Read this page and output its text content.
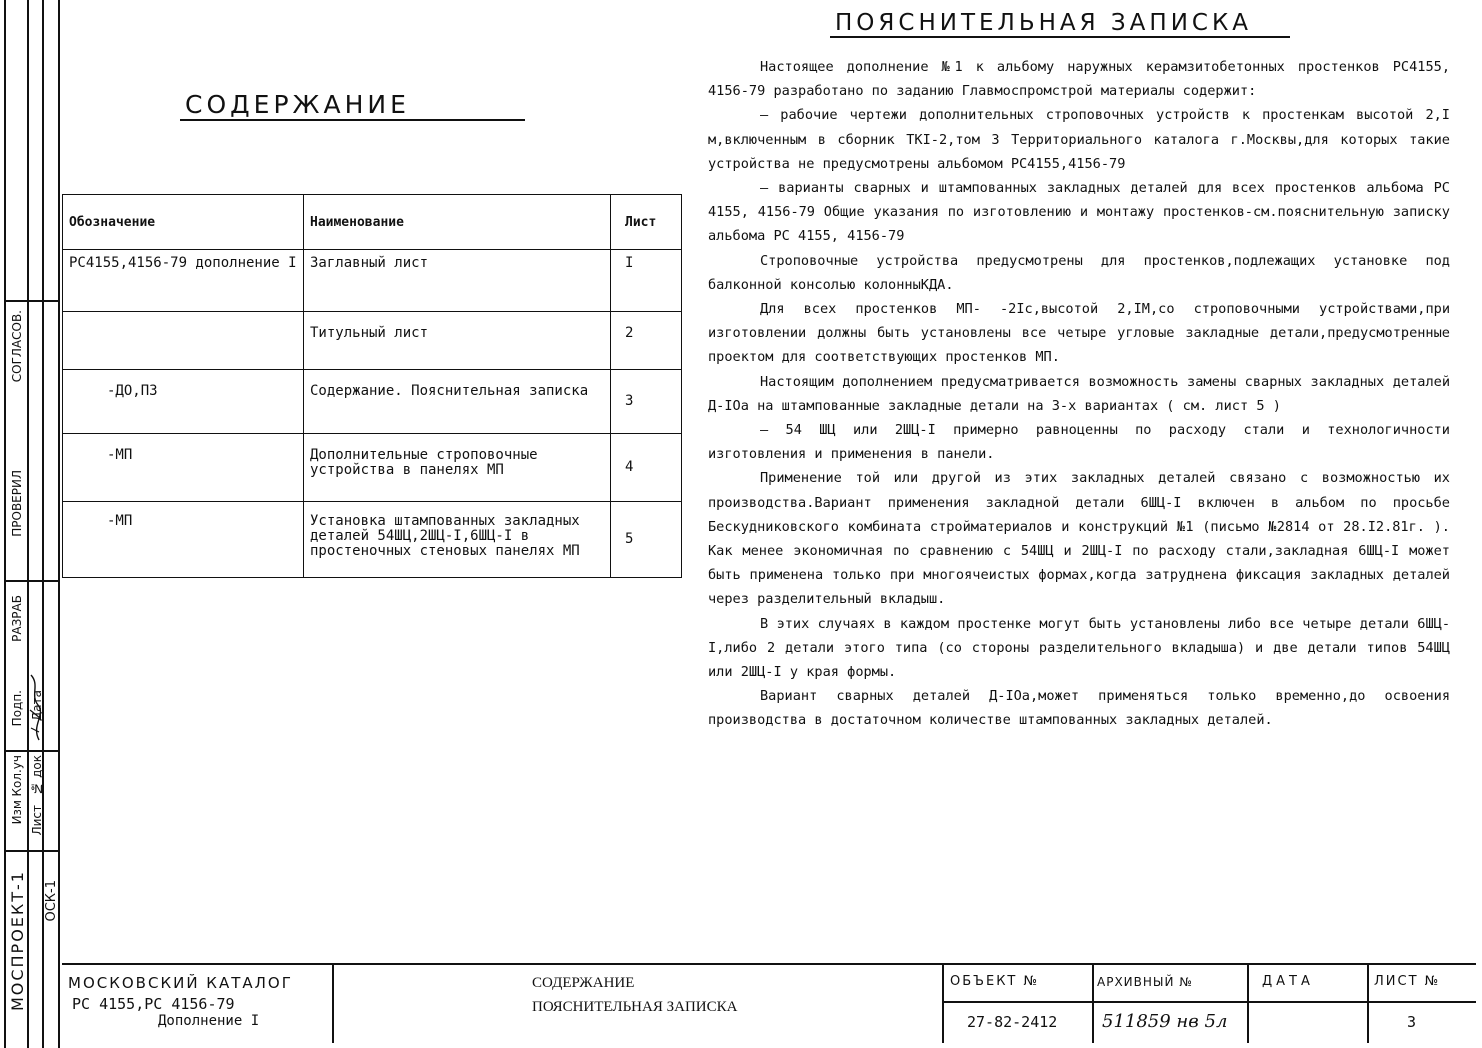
МОСПРОЕКТ-1 ОСК-1
Изм
Кол.уч
Лист
№ док
Подп. Дата
РАЗРАБ
ПРОВЕРИЛ
СОГЛАСОВ.
СОДЕРЖАНИЕ
Обозначение	Наименование	Лист
РС4155,4156-79 дополнение I	Заглавный лист	I
	Титульный лист	2
-ДО,ПЗ	Содержание. Пояснительная записка	3
-МП	Дополнительные строповочные устройства в панелях МП	4
-МП	Установка штампованных закладных деталей 54ШЦ,2ШЦ-I,6ШЦ-I в простеночных стеновых панелях МП	5
ПОЯСНИТЕЛЬНАЯ ЗАПИСКА

Настоящее дополнение №1 к альбому наружных керамзитобетонных простенков РС4155, 4156-79 разработано по заданию Главмоспромстрой материалы содержит:

— рабочие чертежи дополнительных строповочных устройств к простенкам высотой 2,I м,включенным в сборник ТКI-2,том 3 Территориального каталога г.Москвы,для которых такие устройства не предусмотрены альбомом РС4155,4156-79

— варианты сварных и штампованных закладных деталей для всех простенков альбома РС 4155, 4156-79 Общие указания по изготовлению и монтажу простенков-см.пояснительную записку альбома РС 4155, 4156-79

Строповочные устройства предусмотрены для простенков,подлежащих установке под балконной консолью колонныКДА.

Для всех простенков МП- -2Ic,высотой 2,IМ,со строповочными устройствами,при изготовлении должны быть установлены все четыре угловые закладные детали,предусмотренные проектом для соответствующих простенков МП.

Настоящим дополнением предусматривается возможность замены сварных закладных деталей Д-IOa на штампованные закладные детали на 3-х вариантах ( см. лист 5 )

— 54 ШЦ или 2ШЦ-I примерно равноценны по расходу стали и технологичности изготовления и применения в панели.

Применение той или другой из этих закладных деталей связано с возможностью их производства.Вариант применения закладной детали 6ШЦ-I включен в альбом по просьбе Бескудниковского комбината стройматериалов и конструкций №1 (письмо №2814 от 28.I2.81г. ). Как менее экономичная по сравнению с 54ШЦ и 2ШЦ-I по расходу стали,закладная 6ШЦ-I может быть применена только при многоячеистых формах,когда затруднена фиксация закладных деталей через разделительный вкладыш.

В этих случаях в каждом простенке могут быть установлены либо все четыре детали 6ШЦ-I,либо 2 детали этого типа (со стороны разделительного вкладыша) и две детали типов 54ШЦ или 2ШЦ-I у края формы.

Вариант сварных деталей Д-IOa,может применяться только временно,до освоения производства в достаточном количестве штампованных закладных деталей.

МОСКОВСКИЙ КАТАЛОГ
РС 4155,РС 4156-79
Дополнение I
СОДЕРЖАНИЕ
ПОЯСНИТЕЛЬНАЯ ЗАПИСКА
ОБЪЕКТ №
27-82-2412
АРХИВНЫЙ №
511859 нв 5л
ДАТА	ЛИСТ №
3
